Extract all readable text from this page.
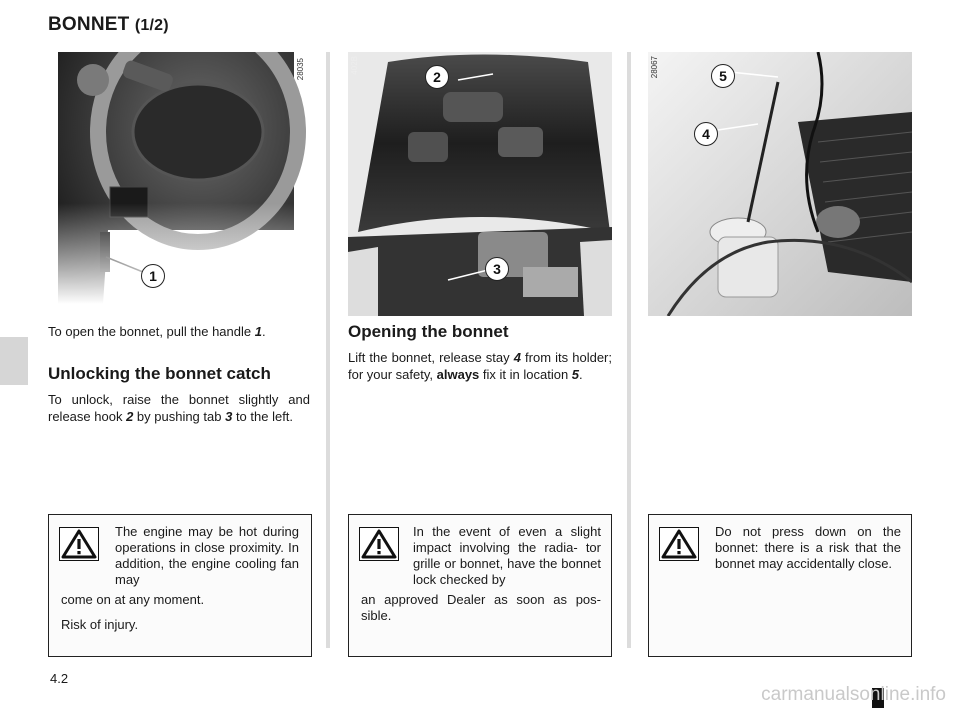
BONNET (1/2)
28035
1
402B
2
3
28067	5
4
To open the bonnet, pull the handle 1.
Unlocking the bonnet catch
To unlock, raise the bonnet slightly and release hook 2 by pushing tab 3 to the left.
Opening the bonnet
Lift the bonnet, release stay 4 from its holder; for your safety, always fix it in location 5.
The engine may be hot during operations in close proximity. In addition, the engine cooling fan may
come on at any moment.
Risk of injury.
In the event of even a slight impact involving the radia- tor grille or bonnet, have the bonnet lock checked by
an approved Dealer as soon as pos- sible.
Do not press down on the bonnet: there is a risk that the bonnet may accidentally close.
4.2
carmanualsonline.info
